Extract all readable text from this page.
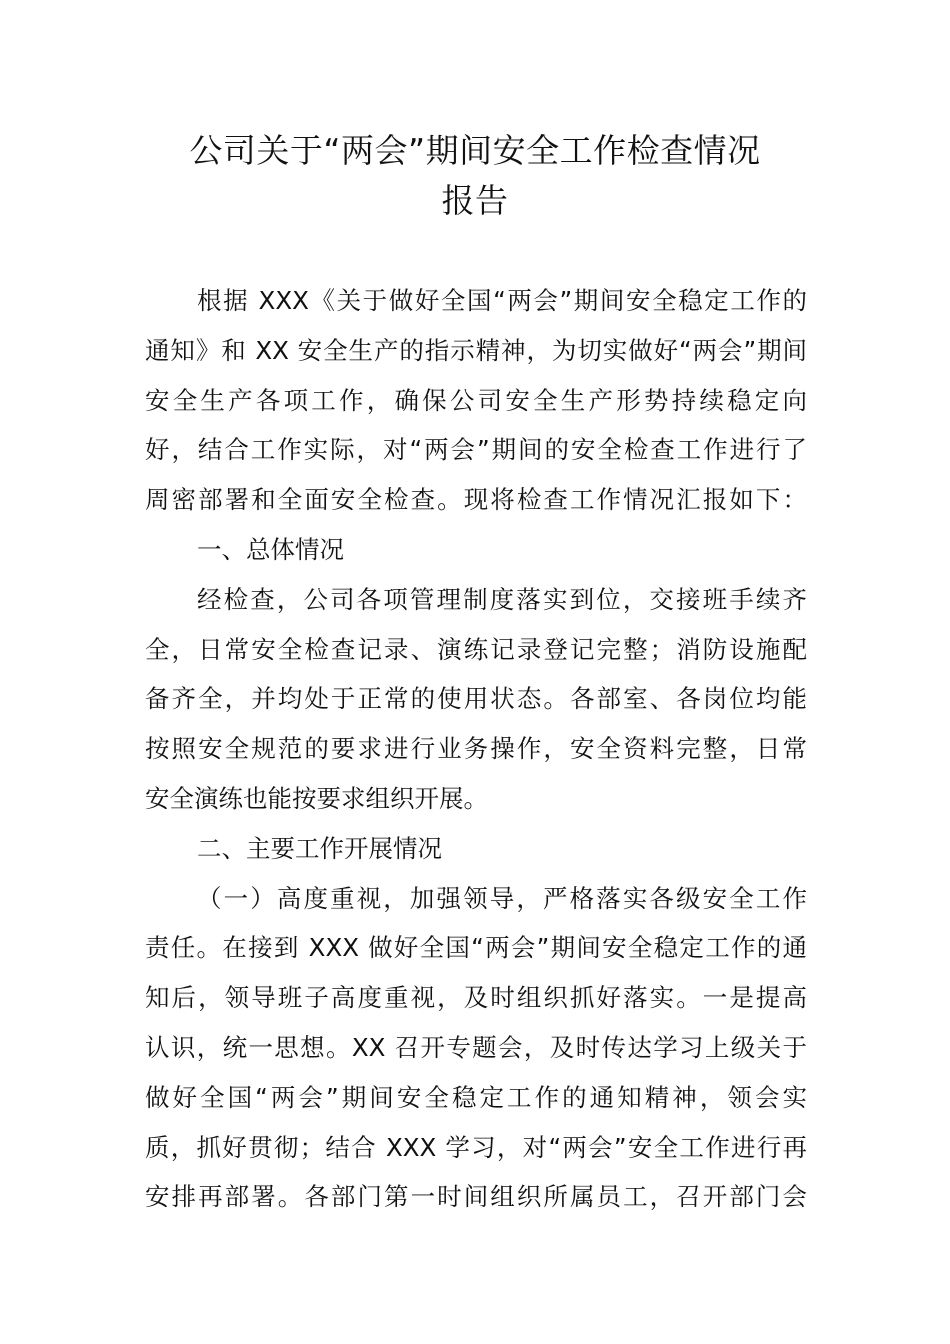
公司关于“两会”期间安全工作检查情况
报告
根据 XXX《关于做好全国“两会”期间安全稳定工作的
通知》和 XX 安全生产的指示精神，为切实做好“两会”期间
安全生产各项工作，确保公司安全生产形势持续稳定向
好，结合工作实际，对“两会”期间的安全检查工作进行了
周密部署和全面安全检查。现将检查工作情况汇报如下：
一、总体情况
经检查，公司各项管理制度落实到位，交接班手续齐
全，日常安全检查记录、演练记录登记完整；消防设施配
备齐全，并均处于正常的使用状态。各部室、各岗位均能
按照安全规范的要求进行业务操作，安全资料完整，日常
安全演练也能按要求组织开展。
二、主要工作开展情况
（一）高度重视，加强领导，严格落实各级安全工作
责任。在接到 XXX 做好全国“两会”期间安全稳定工作的通
知后，领导班子高度重视，及时组织抓好落实。一是提高
认识，统一思想。XX 召开专题会，及时传达学习上级关于
做好全国“两会”期间安全稳定工作的通知精神，领会实
质，抓好贯彻；结合 XXX 学习，对“两会”安全工作进行再
安排再部署。各部门第一时间组织所属员工，召开部门会
